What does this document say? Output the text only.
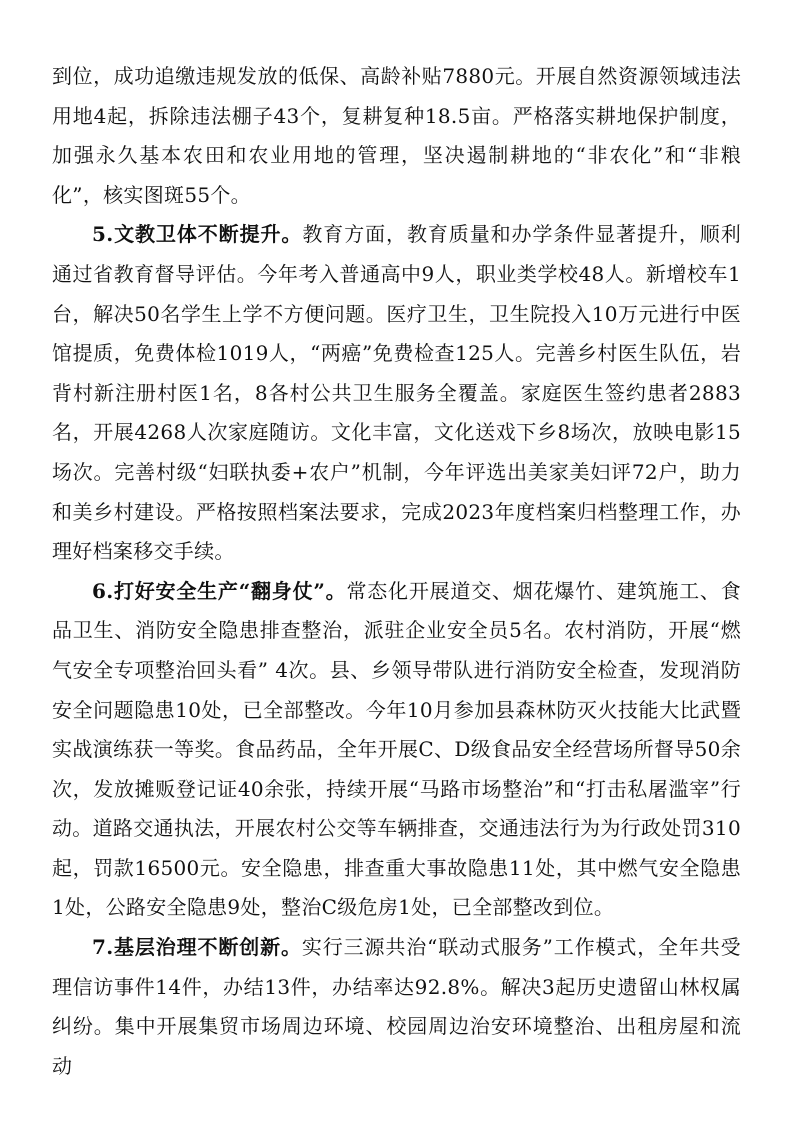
到位，成功追缴违规发放的低保、高龄补贴7880元。开展自然资源领域违法用地4起，拆除违法棚子43个，复耕复种18.5亩。严格落实耕地保护制度，加强永久基本农田和农业用地的管理，坚决遏制耕地的“非农化”和“非粮化”，核实图斑55个。

5.文教卫体不断提升。教育方面，教育质量和办学条件显著提升，顺利通过省教育督导评估。今年考入普通高中9人，职业类学校48人。新增校车1台，解决50名学生上学不方便问题。医疗卫生，卫生院投入10万元进行中医馆提质，免费体检1019人，“两癌”免费检查125人。完善乡村医生队伍，岩背村新注册村医1名，8各村公共卫生服务全覆盖。家庭医生签约患者2883名，开展4268人次家庭随访。文化丰富，文化送戏下乡8场次，放映电影15场次。完善村级“妇联执委+农户”机制，今年评选出美家美妇评72户，助力和美乡村建设。严格按照档案法要求，完成2023年度档案归档整理工作，办理好档案移交手续。

6.打好安全生产“翻身仗”。常态化开展道交、烟花爆竹、建筑施工、食品卫生、消防安全隐患排查整治，派驻企业安全员5名。农村消防，开展“燃气安全专项整治回头看” 4次。县、乡领导带队进行消防安全检查，发现消防安全问题隐患10处，已全部整改。今年10月参加县森林防灭火技能大比武暨实战演练获一等奖。食品药品，全年开展C、D级食品安全经营场所督导50余次，发放摊贩登记证40余张，持续开展“马路市场整治”和“打击私屠滥宰”行动。道路交通执法，开展农村公交等车辆排查，交通违法行为为行政处罚310起，罚款16500元。安全隐患，排查重大事故隐患11处，其中燃气安全隐患1处，公路安全隐患9处，整治C级危房1处，已全部整改到位。

7.基层治理不断创新。实行三源共治“联动式服务”工作模式，全年共受理信访事件14件，办结13件，办结率达92.8%。解决3起历史遗留山林权属纠纷。集中开展集贸市场周边环境、校园周边治安环境整治、出租房屋和流动
